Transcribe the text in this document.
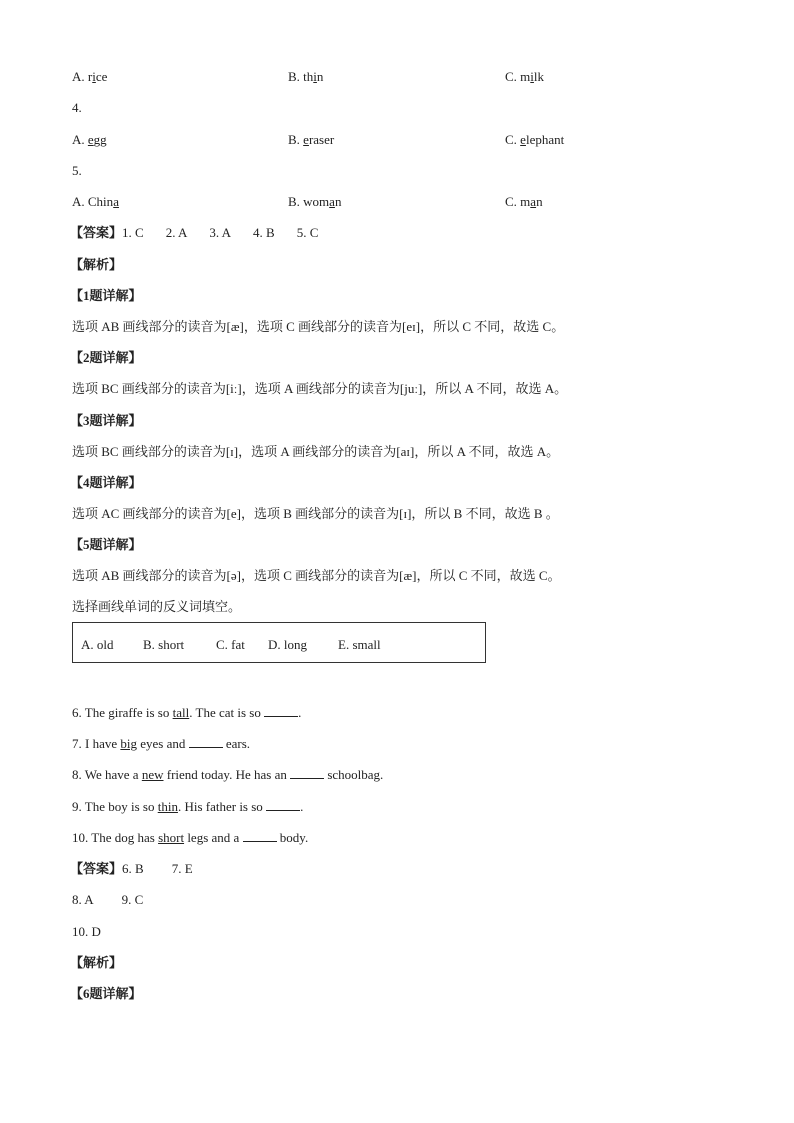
A. rice	B. thin	C. milk
4.
A. egg	B. eraser	C. elephant
5.
A. China	B. woman	C. man
【答案】1. C 2. A 3. A 4. B 5. C
【解析】
【1题详解】
选项 AB 画线部分的读音为[æ]，选项 C 画线部分的读音为[eɪ]，所以 C 不同，故选 C。
【2题详解】
选项 BC 画线部分的读音为[iː]，选项 A 画线部分的读音为[juː]，所以 A 不同，故选 A。
【3题详解】
选项 BC 画线部分的读音为[ɪ]，选项 A 画线部分的读音为[aɪ]，所以 A 不同，故选 A。
【4题详解】
选项 AC 画线部分的读音为[e]，选项 B 画线部分的读音为[ɪ]，所以 B 不同，故选 B 。
【5题详解】
选项 AB 画线部分的读音为[ə]，选项 C 画线部分的读音为[æ]，所以 C 不同，故选 C。
选择画线单词的反义词填空。
A. old B. short C. fat D. long E. small
6. The giraffe is so tall. The cat is so	.
7. I have big eyes and	ears.
8. We have a new friend today. He has an	schoolbag.
9. The boy is so thin. His father is so	.
10. The dog has short legs and a	body.
【答案】6. B 7. E
8. A 9. C
10. D
【解析】
【6题详解】
